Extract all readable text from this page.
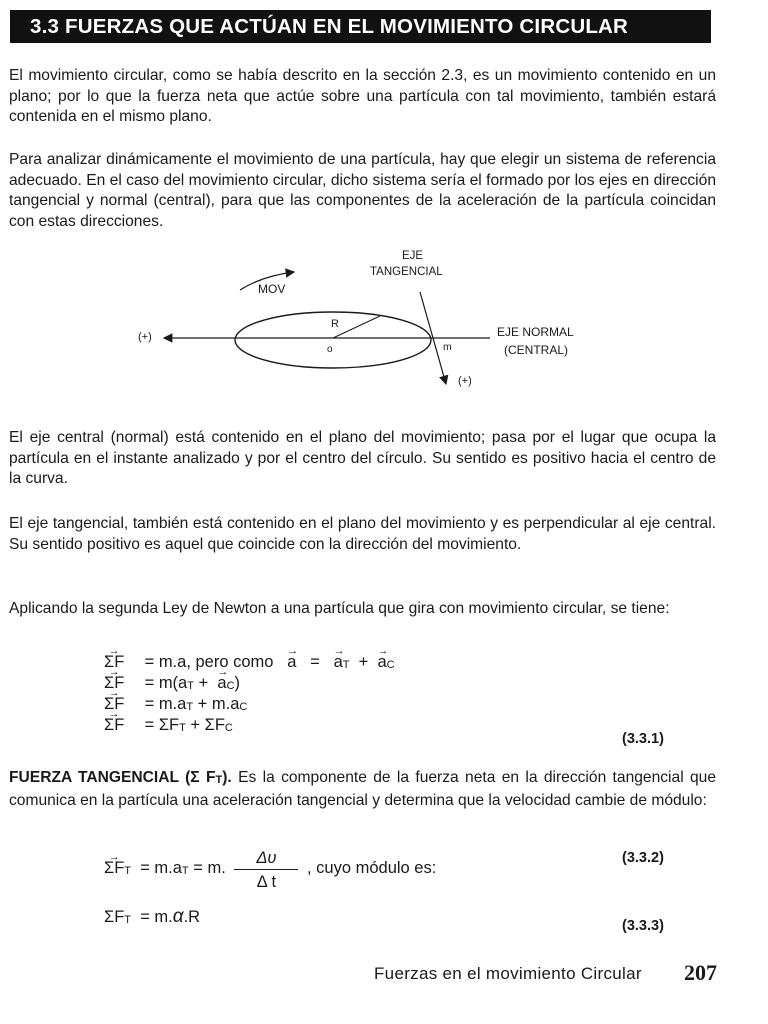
3.3 FUERZAS QUE ACTÚAN EN EL MOVIMIENTO CIRCULAR

El movimiento circular, como se había descrito en la sección 2.3, es un movimiento contenido en un plano; por lo que la fuerza neta que actúe sobre una partícula con tal movimiento, también estará contenida en el mismo plano.

Para analizar dinámicamente el movimiento de una partícula, hay que elegir un sistema de referencia adecuado. En el caso del movimiento circular, dicho sistema sería el formado por los ejes en dirección tangencial y normal (central), para que las componentes de la aceleración de la partícula coincidan con estas direcciones.

EJE
TANGENCIAL
MOV
(+)
R
o	m
EJE NORMAL
(CENTRAL)
(+)

El eje central (normal) está contenido en el plano del movimiento; pasa por el lugar que ocupa la partícula en el instante analizado y por el centro del círculo. Su sentido es positivo hacia el centro de la curva.

El eje tangencial, también está contenido en el plano del movimiento y es perpendicular al eje central. Su sentido positivo es aquel que coincide con la dirección del movimiento.

Aplicando la segunda Ley de Newton a una partícula que gira con movimiento circular, se tiene:

→ ΣF = m.a, pero como → a = → $a_T$ + → $a_C$
→ $\Sigma F = m(a_T$ +  → $a_C$)
→ $\Sigma F = m.a_T + m.a_C$
→ $\Sigma F = \Sigma F_T + \Sigma F_C$
(3.3.1)

FUERZA TANGENCIAL (Σ $F_T$). Es la componente de la fuerza neta en la dirección tangencial que comunica en la partícula una aceleración tangencial y determina que la velocidad cambie de módulo:

→ $\Sigma F_T = m.a_T = m$. $\frac{\Delta\upsilon}{\text{Δ t}}$ , cuyo módulo es:
(3.3.2)
$\Sigma F_T = m.\alpha.R$	(3.3.3)
Fuerzas en el movimiento Circular 207
